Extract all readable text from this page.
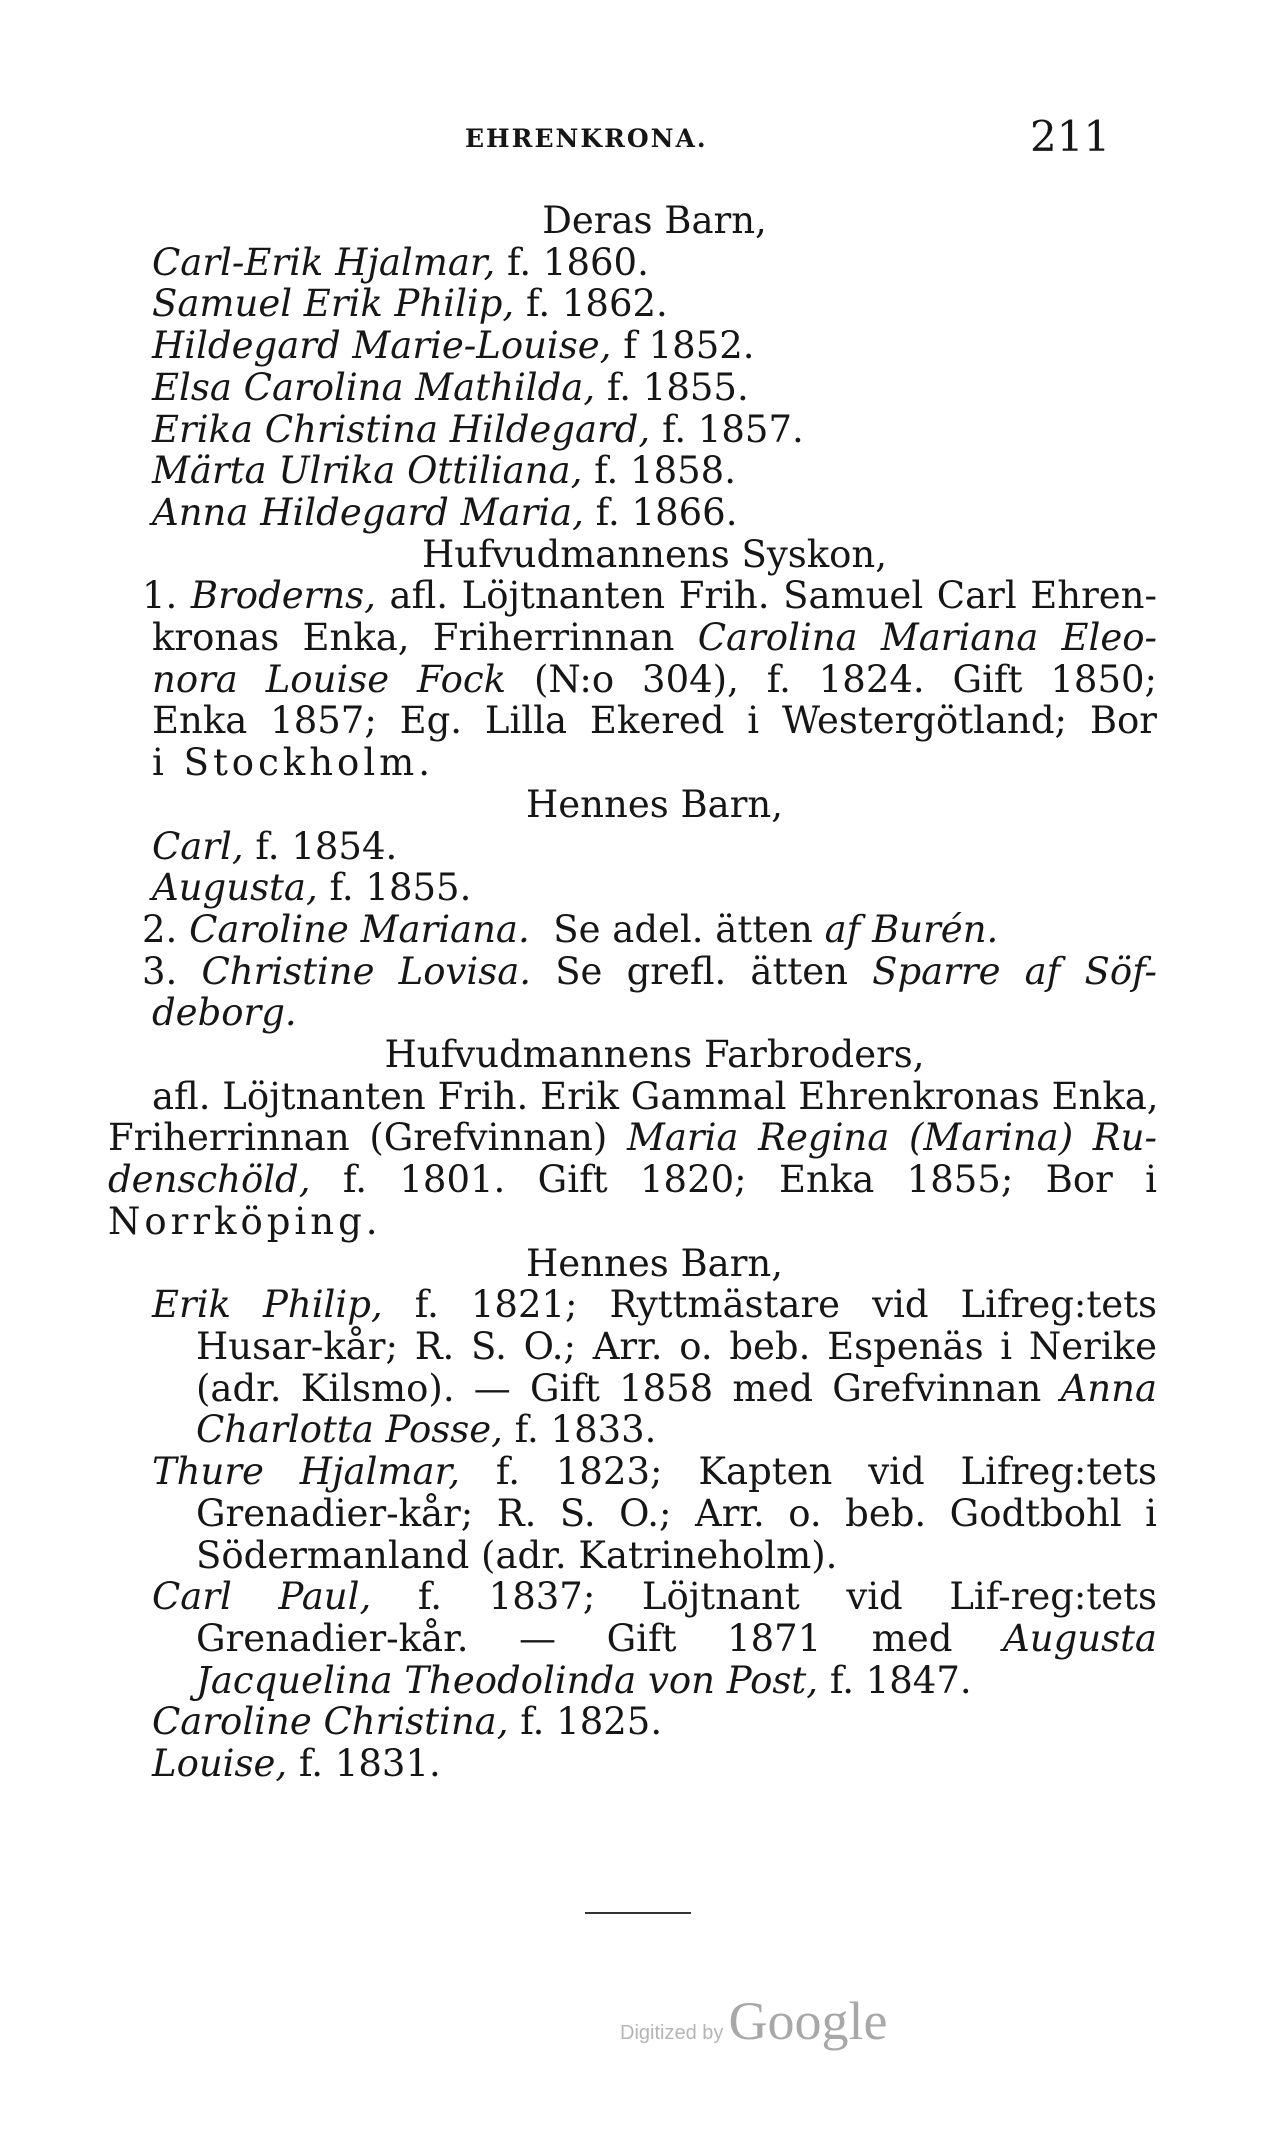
EHRENKRONA.	211
Deras Barn,
Carl-Erik Hjalmar, f. 1860.
Samuel Erik Philip, f. 1862.
Hildegard Marie-Louise, f 1852.
Elsa Carolina Mathilda, f. 1855.
Erika Christina Hildegard, f. 1857.
Märta Ulrika Ottiliana, f. 1858.
Anna Hildegard Maria, f. 1866.
Hufvudmannens Syskon,
1. Broderns, afl. Löjtnanten Frih. Samuel Carl Ehren-
kronas Enka, Friherrinnan Carolina Mariana Eleo-
nora Louise Fock (N:o 304), f. 1824. Gift 1850;
Enka 1857; Eg. Lilla Ekered i Westergötland; Bor
i Stockholm.
Hennes Barn,
Carl, f. 1854.
Augusta, f. 1855.
2. Caroline Mariana. Se adel. ätten af Burén.
3. Christine Lovisa. Se grefl. ätten Sparre af Söf-
deborg.
Hufvudmannens Farbroders,
afl. Löjtnanten Frih. Erik Gammal Ehrenkronas Enka,
Friherrinnan (Grefvinnan) Maria Regina (Marina) Ru-
denschöld, f. 1801. Gift 1820; Enka 1855; Bor i
Norrköping.
Hennes Barn,
Erik Philip, f. 1821; Ryttmästare vid Lifreg:tets Husar-kår; R. S. O.; Arr. o. beb. Espenäs i Nerike (adr. Kilsmo). — Gift 1858 med Grefvinnan Anna Charlotta Posse, f. 1833.
Thure Hjalmar, f. 1823; Kapten vid Lifreg:tets Grenadier-kår; R. S. O.; Arr. o. beb. Godtbohl i Södermanland (adr. Katrineholm).
Carl Paul, f. 1837; Löjtnant vid Lif-reg:tets Grenadier-kår. — Gift 1871 med Augusta Jacquelina Theodolinda von Post, f. 1847.
Caroline Christina, f. 1825.
Louise, f. 1831.
Digitized by Google
